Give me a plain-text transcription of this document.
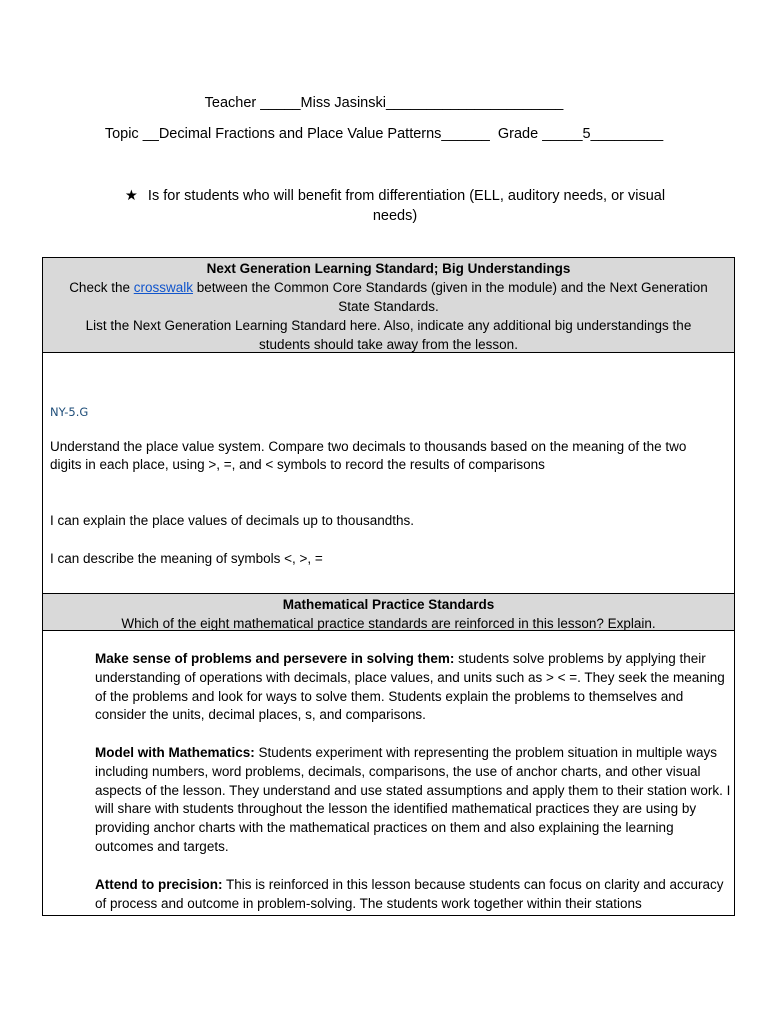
Teacher _____Miss Jasinski______________________
Topic __Decimal Fractions and Place Value Patterns______  Grade _____5_________
★ Is for students who will benefit from differentiation (ELL, auditory needs, or visual needs)
Next Generation Learning Standard; Big Understandings
Check the crosswalk between the Common Core Standards (given in the module) and the Next Generation State Standards.
List the Next Generation Learning Standard here. Also, indicate any additional big understandings the students should take away from the lesson.
NY-5.G
Understand the place value system. Compare two decimals to thousands based on the meaning of the two digits in each place, using >, =, and < symbols to record the results of comparisons
I can explain the place values of decimals up to thousandths.
I can describe the meaning of symbols <, >, =
Mathematical Practice Standards
Which of the eight mathematical practice standards are reinforced in this lesson? Explain.
Make sense of problems and persevere in solving them: students solve problems by applying their understanding of operations with decimals, place values, and units such as > < =. They seek the meaning of the problems and look for ways to solve them. Students explain the problems to themselves and consider the units, decimal places, s, and comparisons.
Model with Mathematics: Students experiment with representing the problem situation in multiple ways including numbers, word problems, decimals, comparisons, the use of anchor charts, and other visual aspects of the lesson. They understand and use stated assumptions and apply them to their station work. I will share with students throughout the lesson the identified mathematical practices they are using by providing anchor charts with the mathematical practices on them and also explaining the learning outcomes and targets.
Attend to precision: This is reinforced in this lesson because students can focus on clarity and accuracy of process and outcome in problem-solving. The students work together within their stations
